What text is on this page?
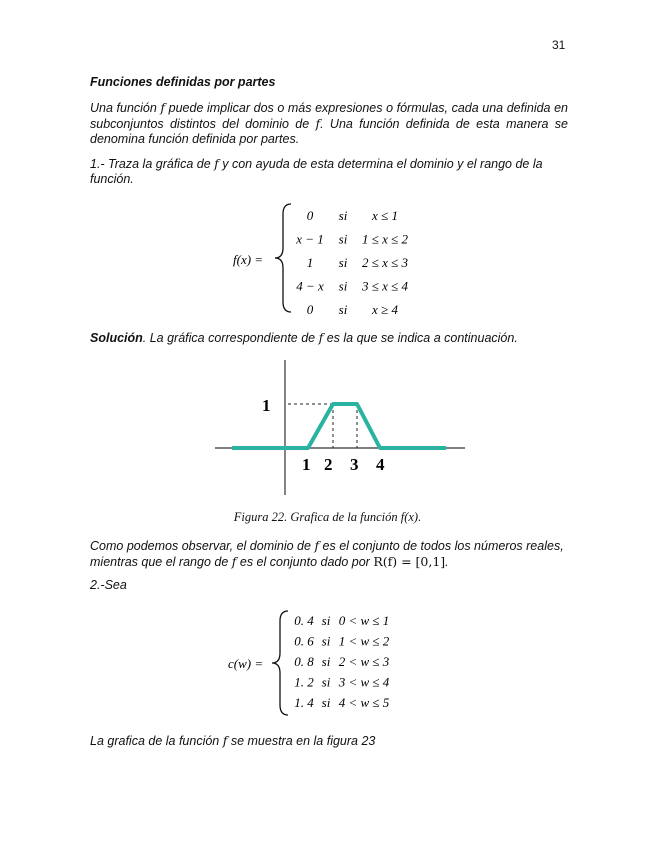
31
Funciones definidas por partes
Una función f puede implicar dos o más expresiones o fórmulas, cada una definida en subconjuntos distintos del dominio de f. Una función definida de esta manera se denomina función definida por partes.
1.- Traza la gráfica de f y con ayuda de esta determina el dominio y el rango de la función.
f(x) =
0 si x ≤ 1
x − 1 si 1 ≤ x ≤ 2
1 si 2 ≤ x ≤ 3
4 − x si 3 ≤ x ≤ 4
0 si x ≥ 4
Solución. La gráfica correspondiente de f es la que se indica a continuación.
1
1 2 3 4
Figura 22. Grafica de la función f(x).
Como podemos observar, el dominio de f es el conjunto de todos los números reales, mientras que el rango de f es el conjunto dado por R(f) = [0,1].
2.-Sea
c(w) =
0. 4 si 0 < w ≤ 1
0. 6 si 1 < w ≤ 2
0. 8 si 2 < w ≤ 3
1. 2 si 3 < w ≤ 4
1. 4 si 4 < w ≤ 5
La grafica de la función f se muestra en la figura 23
